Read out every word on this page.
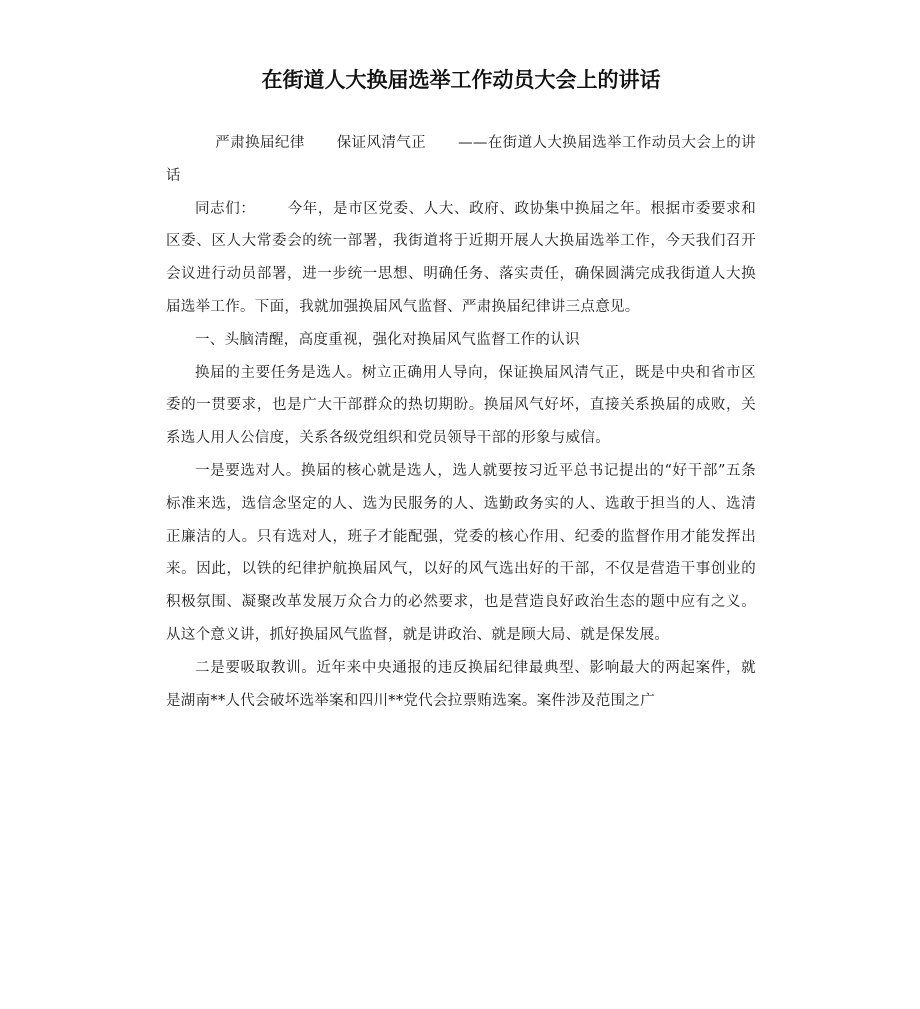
在街道人大换届选举工作动员大会上的讲话

严肃换届纪律 保证风清气正 ——在街道人大换届选举工作动员大会上的讲话

同志们： 今年，是市区党委、人大、政府、政协集中换届之年。根据市委要求和区委、区人大常委会的统一部署，我街道将于近期开展人大换届选举工作，今天我们召开会议进行动员部署，进一步统一思想、明确任务、落实责任，确保圆满完成我街道人大换届选举工作。下面，我就加强换届风气监督、严肃换届纪律讲三点意见。

一、头脑清醒，高度重视，强化对换届风气监督工作的认识

换届的主要任务是选人。树立正确用人导向，保证换届风清气正，既是中央和省市区委的一贯要求，也是广大干部群众的热切期盼。换届风气好坏，直接关系换届的成败，关系选人用人公信度，关系各级党组织和党员领导干部的形象与威信。

一是要选对人。换届的核心就是选人，选人就要按习近平总书记提出的“好干部”五条标准来选，选信念坚定的人、选为民服务的人、选勤政务实的人、选敢于担当的人、选清正廉洁的人。只有选对人，班子才能配强，党委的核心作用、纪委的监督作用才能发挥出来。因此，以铁的纪律护航换届风气，以好的风气选出好的干部，不仅是营造干事创业的积极氛围、凝聚改革发展万众合力的必然要求，也是营造良好政治生态的题中应有之义。从这个意义讲，抓好换届风气监督，就是讲政治、就是顾大局、就是保发展。

二是要吸取教训。近年来中央通报的违反换届纪律最典型、影响最大的两起案件，就是湖南**人代会破坏选举案和四川**党代会拉票贿选案。案件涉及范围之广
